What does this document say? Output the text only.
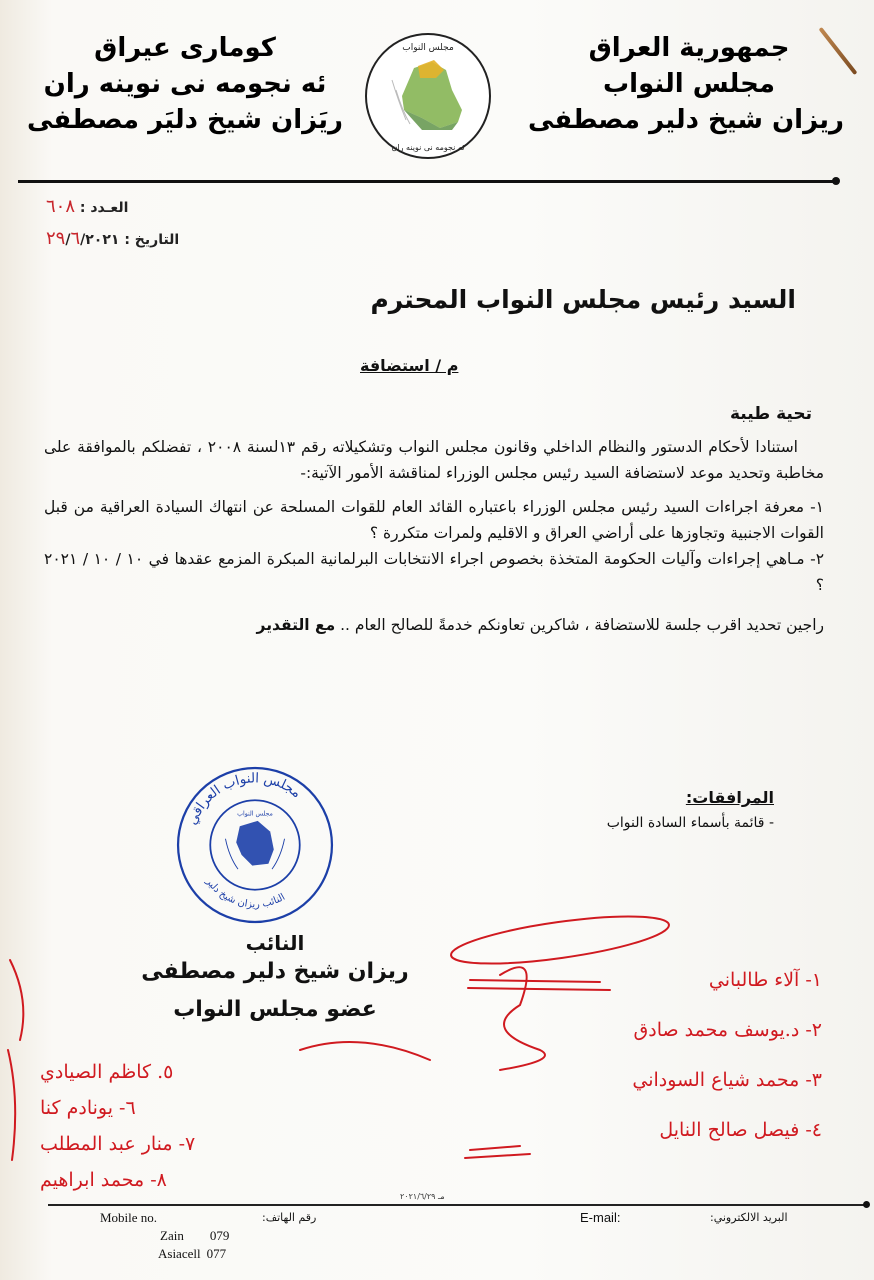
جمهورية العراق
مجلس النواب
ريزان شيخ دلير مصطفى
كوماری عیراق
ئه نجومه نی نوینه ران
ریَزان شیخ دلیَر مصطفى
مجلس النواب
ئه نجومه نی نوینه ران
العـدد : ٦٠٨
التاريخ : ٢٩/٦/٢٠٢١
السيد رئيس مجلس النواب المحترم
م / استضافة
تحية طيبة

استنادا لأحكام الدستور والنظام الداخلي وقانون مجلس النواب وتشكيلاته رقم ١٣لسنة ٢٠٠٨ ، تفضلكم بالموافقة على مخاطبة وتحديد موعد لاستضافة السيد رئيس مجلس الوزراء لمناقشة الأمور الآتية:-

١- معرفة اجراءات السيد رئيس مجلس الوزراء باعتباره القائد العام للقوات المسلحة عن انتهاك السيادة العراقية من قبل القوات الاجنبية وتجاوزها على أراضي العراق و الاقليم ولمرات متكررة ؟
٢- مـاهي إجراءات وآليات الحكومة المتخذة بخصوص اجراء الانتخابات البرلمانية المبكرة المزمع عقدها في ١٠ / ١٠ / ٢٠٢١ ؟

راجين تحديد اقرب جلسة للاستضافة ، شاكرين تعاونكم خدمةً للصالح العام .. مع التقدير

المرافقات:
- قائمة بأسماء السادة النواب
مجلس النواب العراقي
النائب ريزان شيخ دلير
مجلس النواب
النائب
ريزان شيخ دلير مصطفى
عضو مجلس النواب
١- آلاء طالباني
٢- د.يوسف محمد صادق
٣- محمد شياع السوداني
٤- فيصل صالح النايل
٥. كاظم الصيادي
٦- يونادم كنا
٧- منار عبد المطلب
٨- محمد ابراهيم
مـ ٢٠٢١/٦/٢٩
Mobile no.	رقم الهاتف:
Zain 079
Asiacell 077
E-mail:	البريد الالكتروني:
